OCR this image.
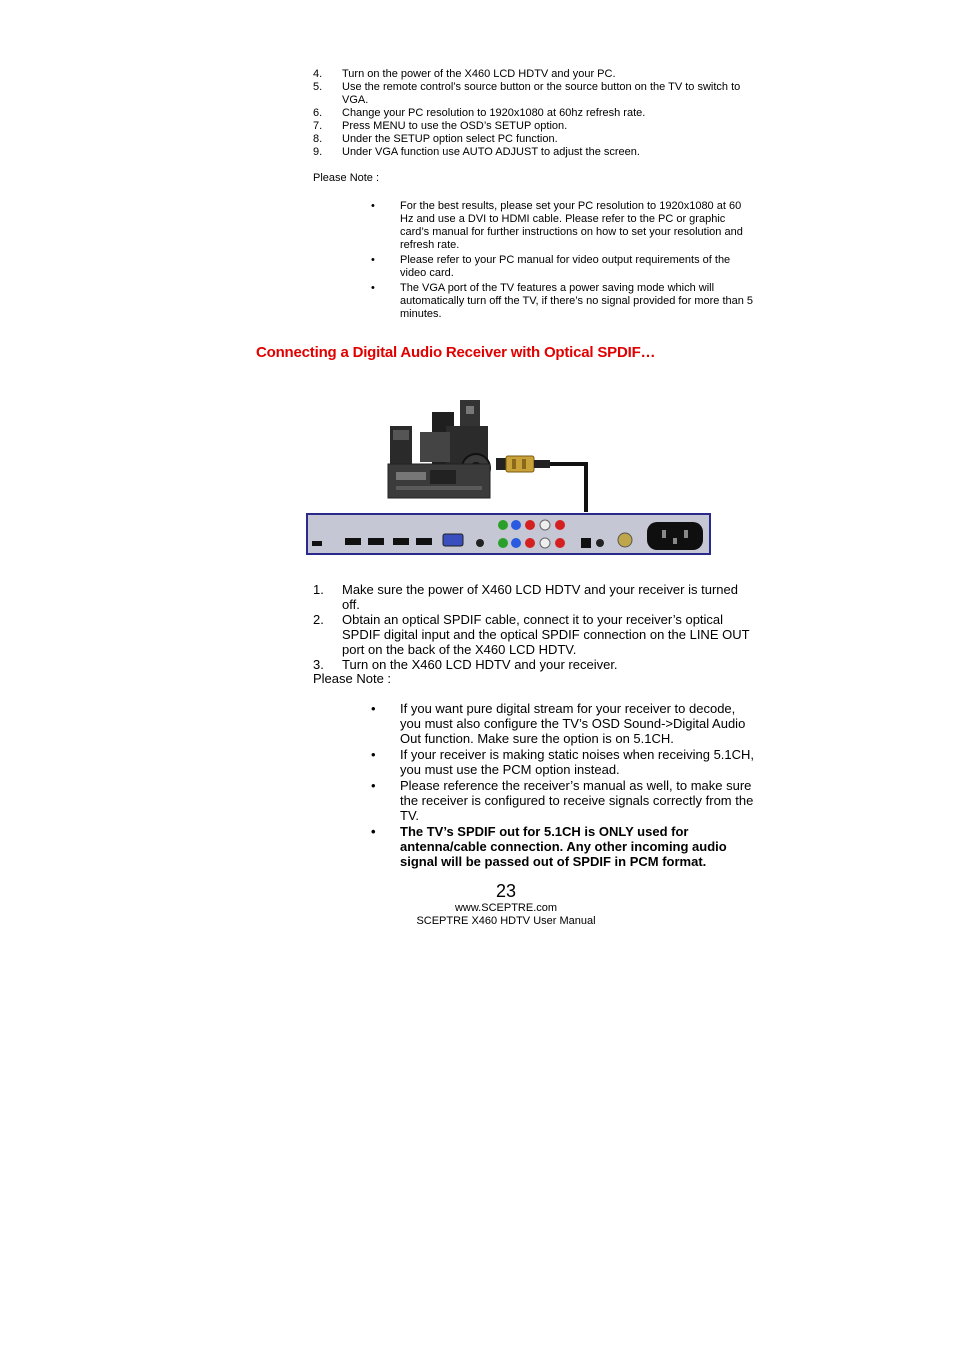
4. Turn on the power of the X460 LCD HDTV and your PC.
5. Use the remote control’s source button or the source button on the TV to switch to VGA.
6. Change your PC resolution to 1920x1080 at 60hz refresh rate.
7. Press MENU to use the OSD’s SETUP option.
8. Under the SETUP option select PC function.
9. Under VGA function use AUTO ADJUST to adjust the screen.
Please Note :
•	For the best results, please set your PC resolution to 1920x1080 at 60 Hz and use a DVI to HDMI cable. Please refer to the PC or graphic card’s manual for further instructions on how to set your resolution and refresh rate.
•	Please refer to your PC manual for video output requirements of the video card.
•	The VGA port of the TV features a power saving mode which will automatically turn off the TV, if there’s no signal provided for more than 5 minutes.
Connecting a Digital Audio Receiver with Optical SPDIF…
1. Make sure the power of X460 LCD HDTV and your receiver is turned off.
2. Obtain an optical SPDIF cable, connect it to your receiver’s optical SPDIF digital input and the optical SPDIF connection on the LINE OUT port on the back of the X460 LCD HDTV.
3. Turn on the X460 LCD HDTV and your receiver.
Please Note :
•	If you want pure digital stream for your receiver to decode, you must also configure the TV’s OSD Sound->Digital Audio Out function. Make sure the option is on 5.1CH.
•	If your receiver is making static noises when receiving 5.1CH, you must use the PCM option instead.
•	Please reference the receiver’s manual as well, to make sure the receiver is configured to receive signals correctly from the TV.
•	The TV’s SPDIF out for 5.1CH is ONLY used for antenna/cable connection. Any other incoming audio signal will be passed out of SPDIF in PCM format.
23
www.SCEPTRE.com
SCEPTRE X460 HDTV User Manual
